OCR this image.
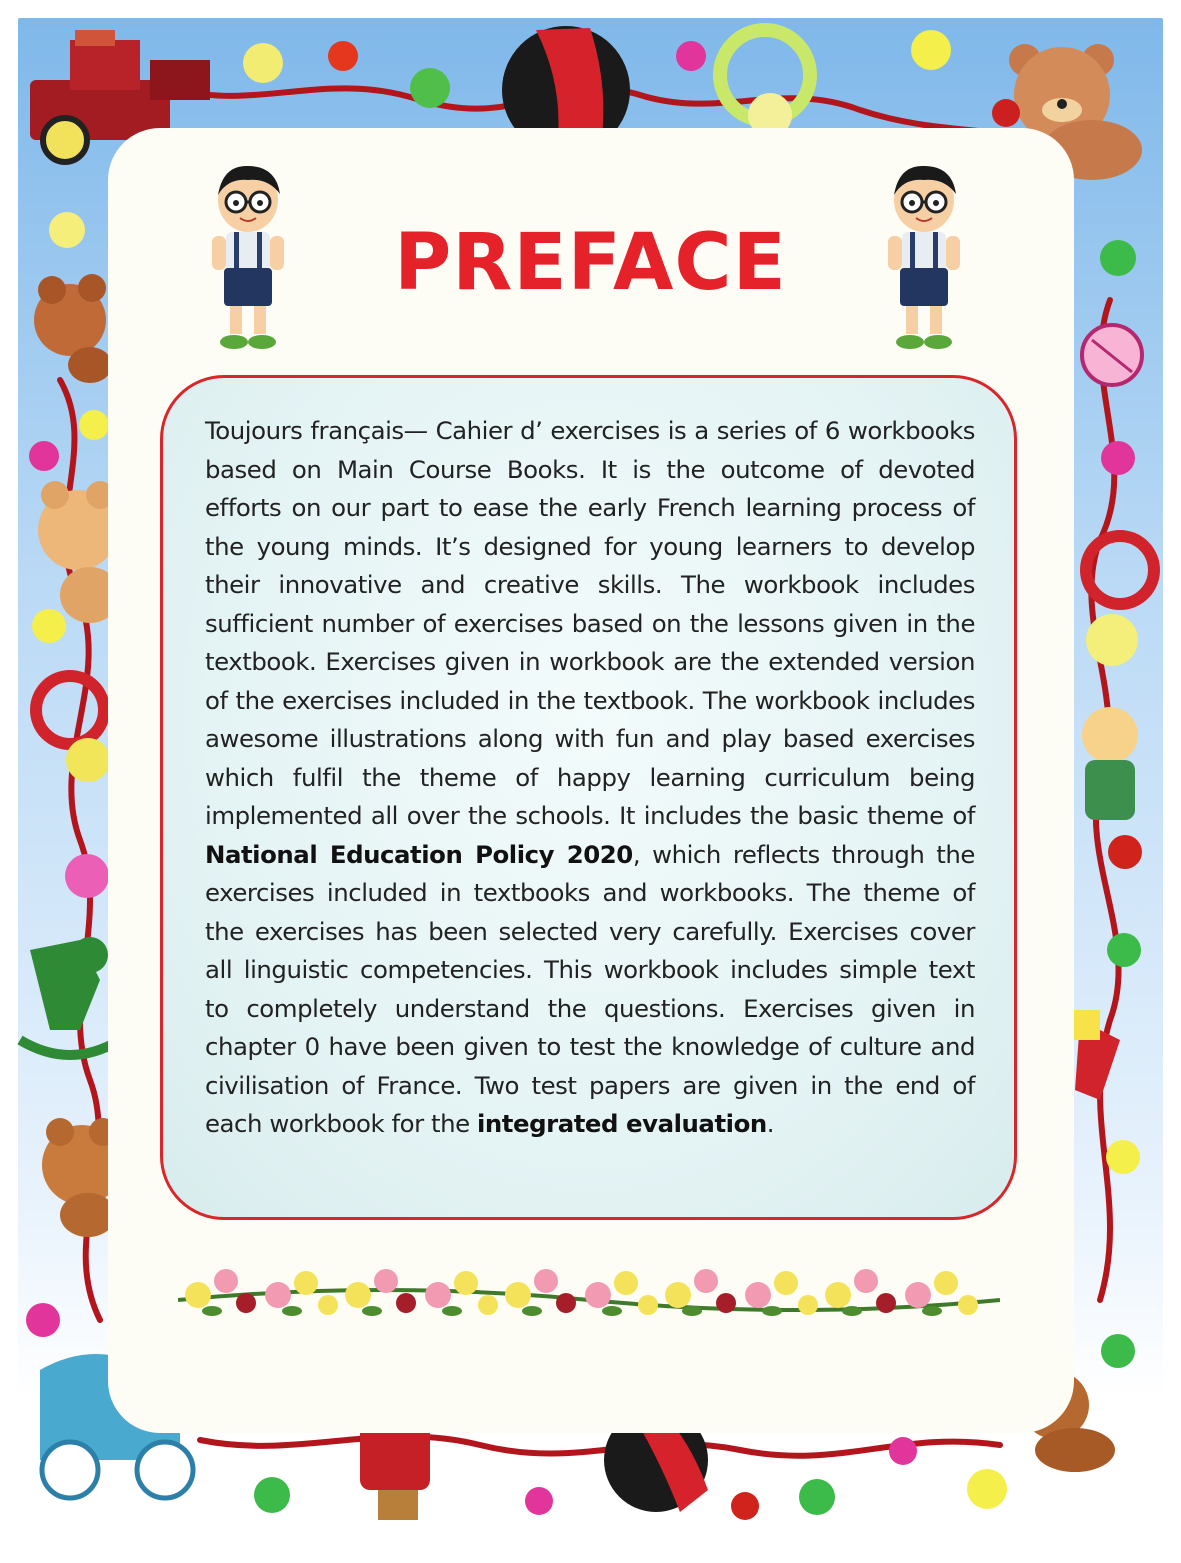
PREFACE

Toujours français— Cahier d’ exercises is a series of 6 workbooks based on Main Course Books. It is the outcome of devoted efforts on our part to ease the early French learning process of the young minds. It’s designed for young learners to develop their innovative and creative skills. The workbook includes sufficient number of exercises based on the lessons given in the textbook. Exercises given in workbook are the extended version of the exercises included in the textbook. The workbook includes awesome illustrations along with fun and play based exercises which fulfil the theme of happy learning curriculum being implemented all over the schools. It includes the basic theme of National Education Policy 2020, which reflects through the exercises included in textbooks and workbooks. The theme of the exercises has been selected very carefully. Exercises cover all linguistic competencies. This workbook includes simple text to completely understand the questions. Exercises given in chapter 0 have been given to test the knowledge of culture and civilisation of France. Two test papers are given in the end of each workbook for the integrated evaluation.
